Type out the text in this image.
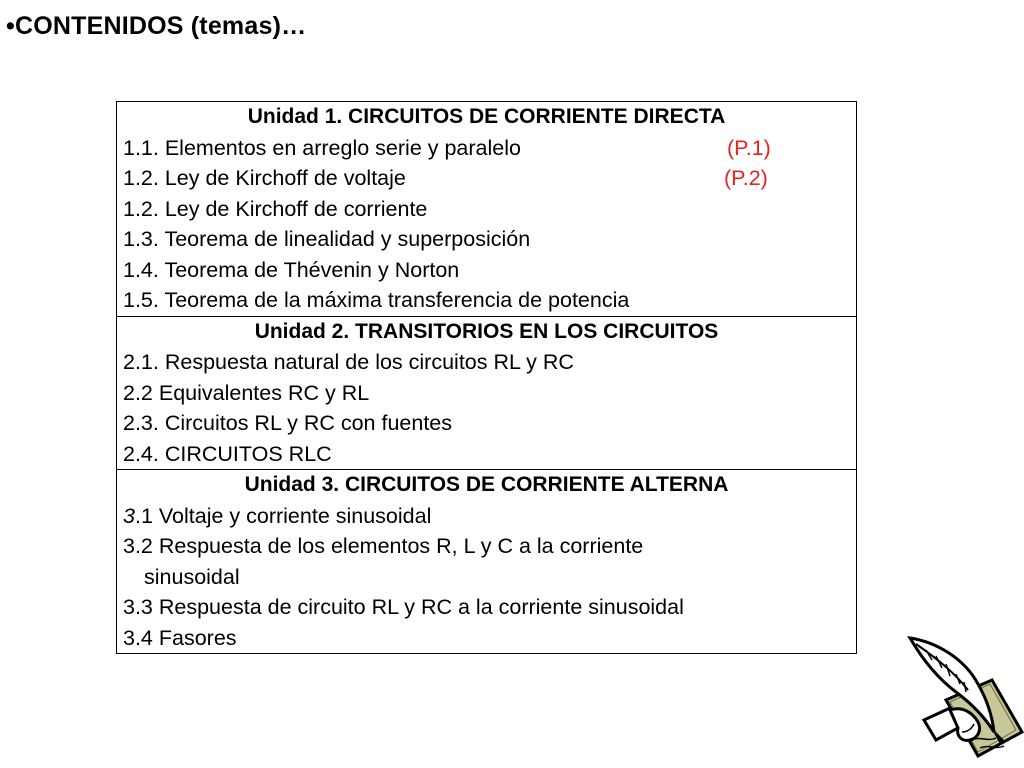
•CONTENIDOS (temas)…
Unidad 1. CIRCUITOS DE CORRIENTE DIRECTA
1.1. Elementos en arreglo serie y paralelo	(P.1)
1.2. Ley de Kirchoff de voltaje	(P.2)
1.2. Ley de Kirchoff de corriente
1.3. Teorema de linealidad y superposición
1.4. Teorema de Thévenin y Norton
1.5. Teorema de la máxima transferencia de potencia
Unidad 2. TRANSITORIOS EN LOS CIRCUITOS
2.1. Respuesta natural de los circuitos RL y RC
2.2 Equivalentes RC y RL
2.3. Circuitos RL y RC con fuentes
2.4. CIRCUITOS RLC
Unidad 3. CIRCUITOS DE CORRIENTE ALTERNA
3.1 Voltaje y corriente sinusoidal
3.2 Respuesta de los elementos R, L y C a la corriente
sinusoidal
3.3 Respuesta de circuito RL y RC a la corriente sinusoidal
3.4 Fasores
